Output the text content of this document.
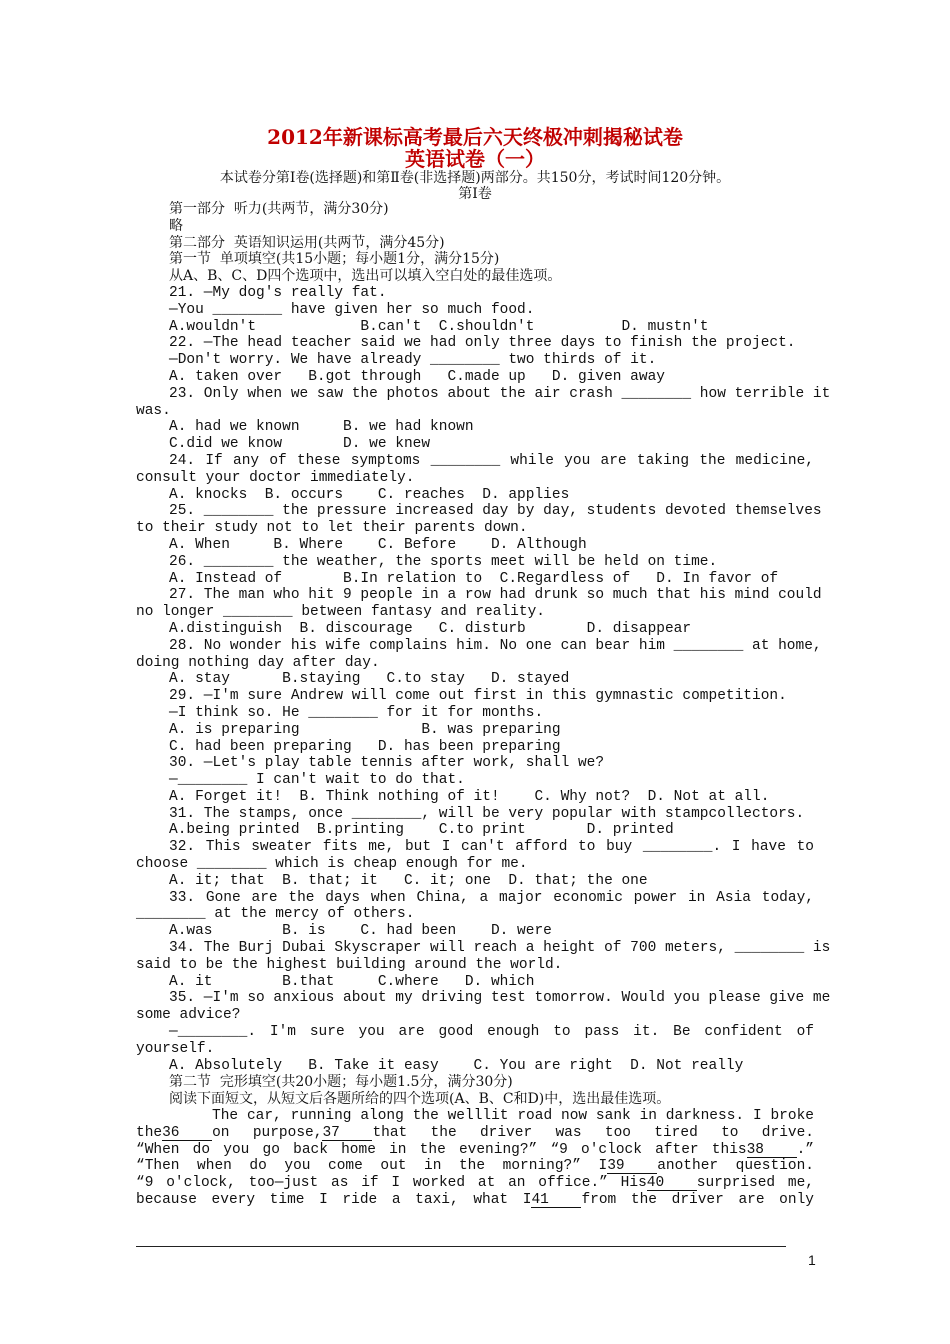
2012年新课标高考最后六天终极冲刺揭秘试卷
英语试卷（一）
本试卷分第Ⅰ卷(选择题)和第Ⅱ卷(非选择题)两部分。共150分，考试时间120分钟。
第Ⅰ卷
第一部分  听力(共两节，满分30分)
略
第二部分  英语知识运用(共两节，满分45分)
第一节  单项填空(共15小题；每小题1分，满分15分)
从A、B、C、D四个选项中，选出可以填入空白处的最佳选项。
21. —My dog's really fat.
—You ________ have given her so much food.
A.wouldn't            B.can't  C.shouldn't          D. mustn't
22. —The head teacher said we had only three days to finish the project.
—Don't worry. We have already ________ two thirds of it.
A. taken over   B.got through   C.made up   D. given away
23. Only when we saw the photos about the air crash ________ how terrible it
was.
A. had we known     B. we had known
C.did we know       D. we knew
24. If any of these symptoms ________ while you are taking the medicine,
consult your doctor immediately.
A. knocks  B. occurs    C. reaches  D. applies
25. ________ the pressure increased day by day, students devoted themselves
to their study not to let their parents down.
A. When     B. Where    C. Before    D. Although
26. ________ the weather, the sports meet will be held on time.
A. Instead of       B.In relation to  C.Regardless of   D. In favor of
27. The man who hit 9 people in a row had drunk so much that his mind could
no longer ________ between fantasy and reality.
A.distinguish  B. discourage   C. disturb       D. disappear
28. No wonder his wife complains him. No one can bear him ________ at home,
doing nothing day after day.
A. stay      B.staying   C.to stay   D. stayed
29. —I'm sure Andrew will come out first in this gymnastic competition.
—I think so. He ________ for it for months.
A. is preparing              B. was preparing
C. had been preparing   D. has been preparing
30. —Let's play table tennis after work, shall we?
—________ I can't wait to do that.
A. Forget it!  B. Think nothing of it!    C. Why not?  D. Not at all.
31. The stamps, once ________, will be very popular with stampcollectors.
A.being printed  B.printing    C.to print       D. printed
32. This sweater fits me, but I can't afford to buy ________. I have to
choose ________ which is cheap enough for me.
A. it; that  B. that; it   C. it; one  D. that; the one
33. Gone are the days when China, a major economic power in Asia today,
________ at the mercy of others.
A.was        B. is    C. had been    D. were
34. The Burj Dubai Skyscraper will reach a height of 700 meters, ________ is
said to be the highest building around the world.
A. it        B.that     C.where   D. which
35. —I'm so anxious about my driving test tomorrow. Would you please give me
some advice?
—________. I'm sure you are good enough to pass it. Be confident of
yourself.
A. Absolutely   B. Take it easy    C. You are right  D. Not really
第二节  完形填空(共20小题；每小题1.5分，满分30分)
阅读下面短文，从短文后各题所给的四个选项(A、B、C和D)中，选出最佳选项。
The car, running along the welllit road now sank in darkness. I broke
the36 on purpose,37 that the driver was too tired to drive.
“When do you go back home in the evening?” “9 o'clock after this38 .”
“Then when do you come out in the morning?” I39 another question.
“9 o'clock, too—just as if I worked at an office.” His40 surprised me,
because every time I ride a taxi, what I41 from the driver are only
1
